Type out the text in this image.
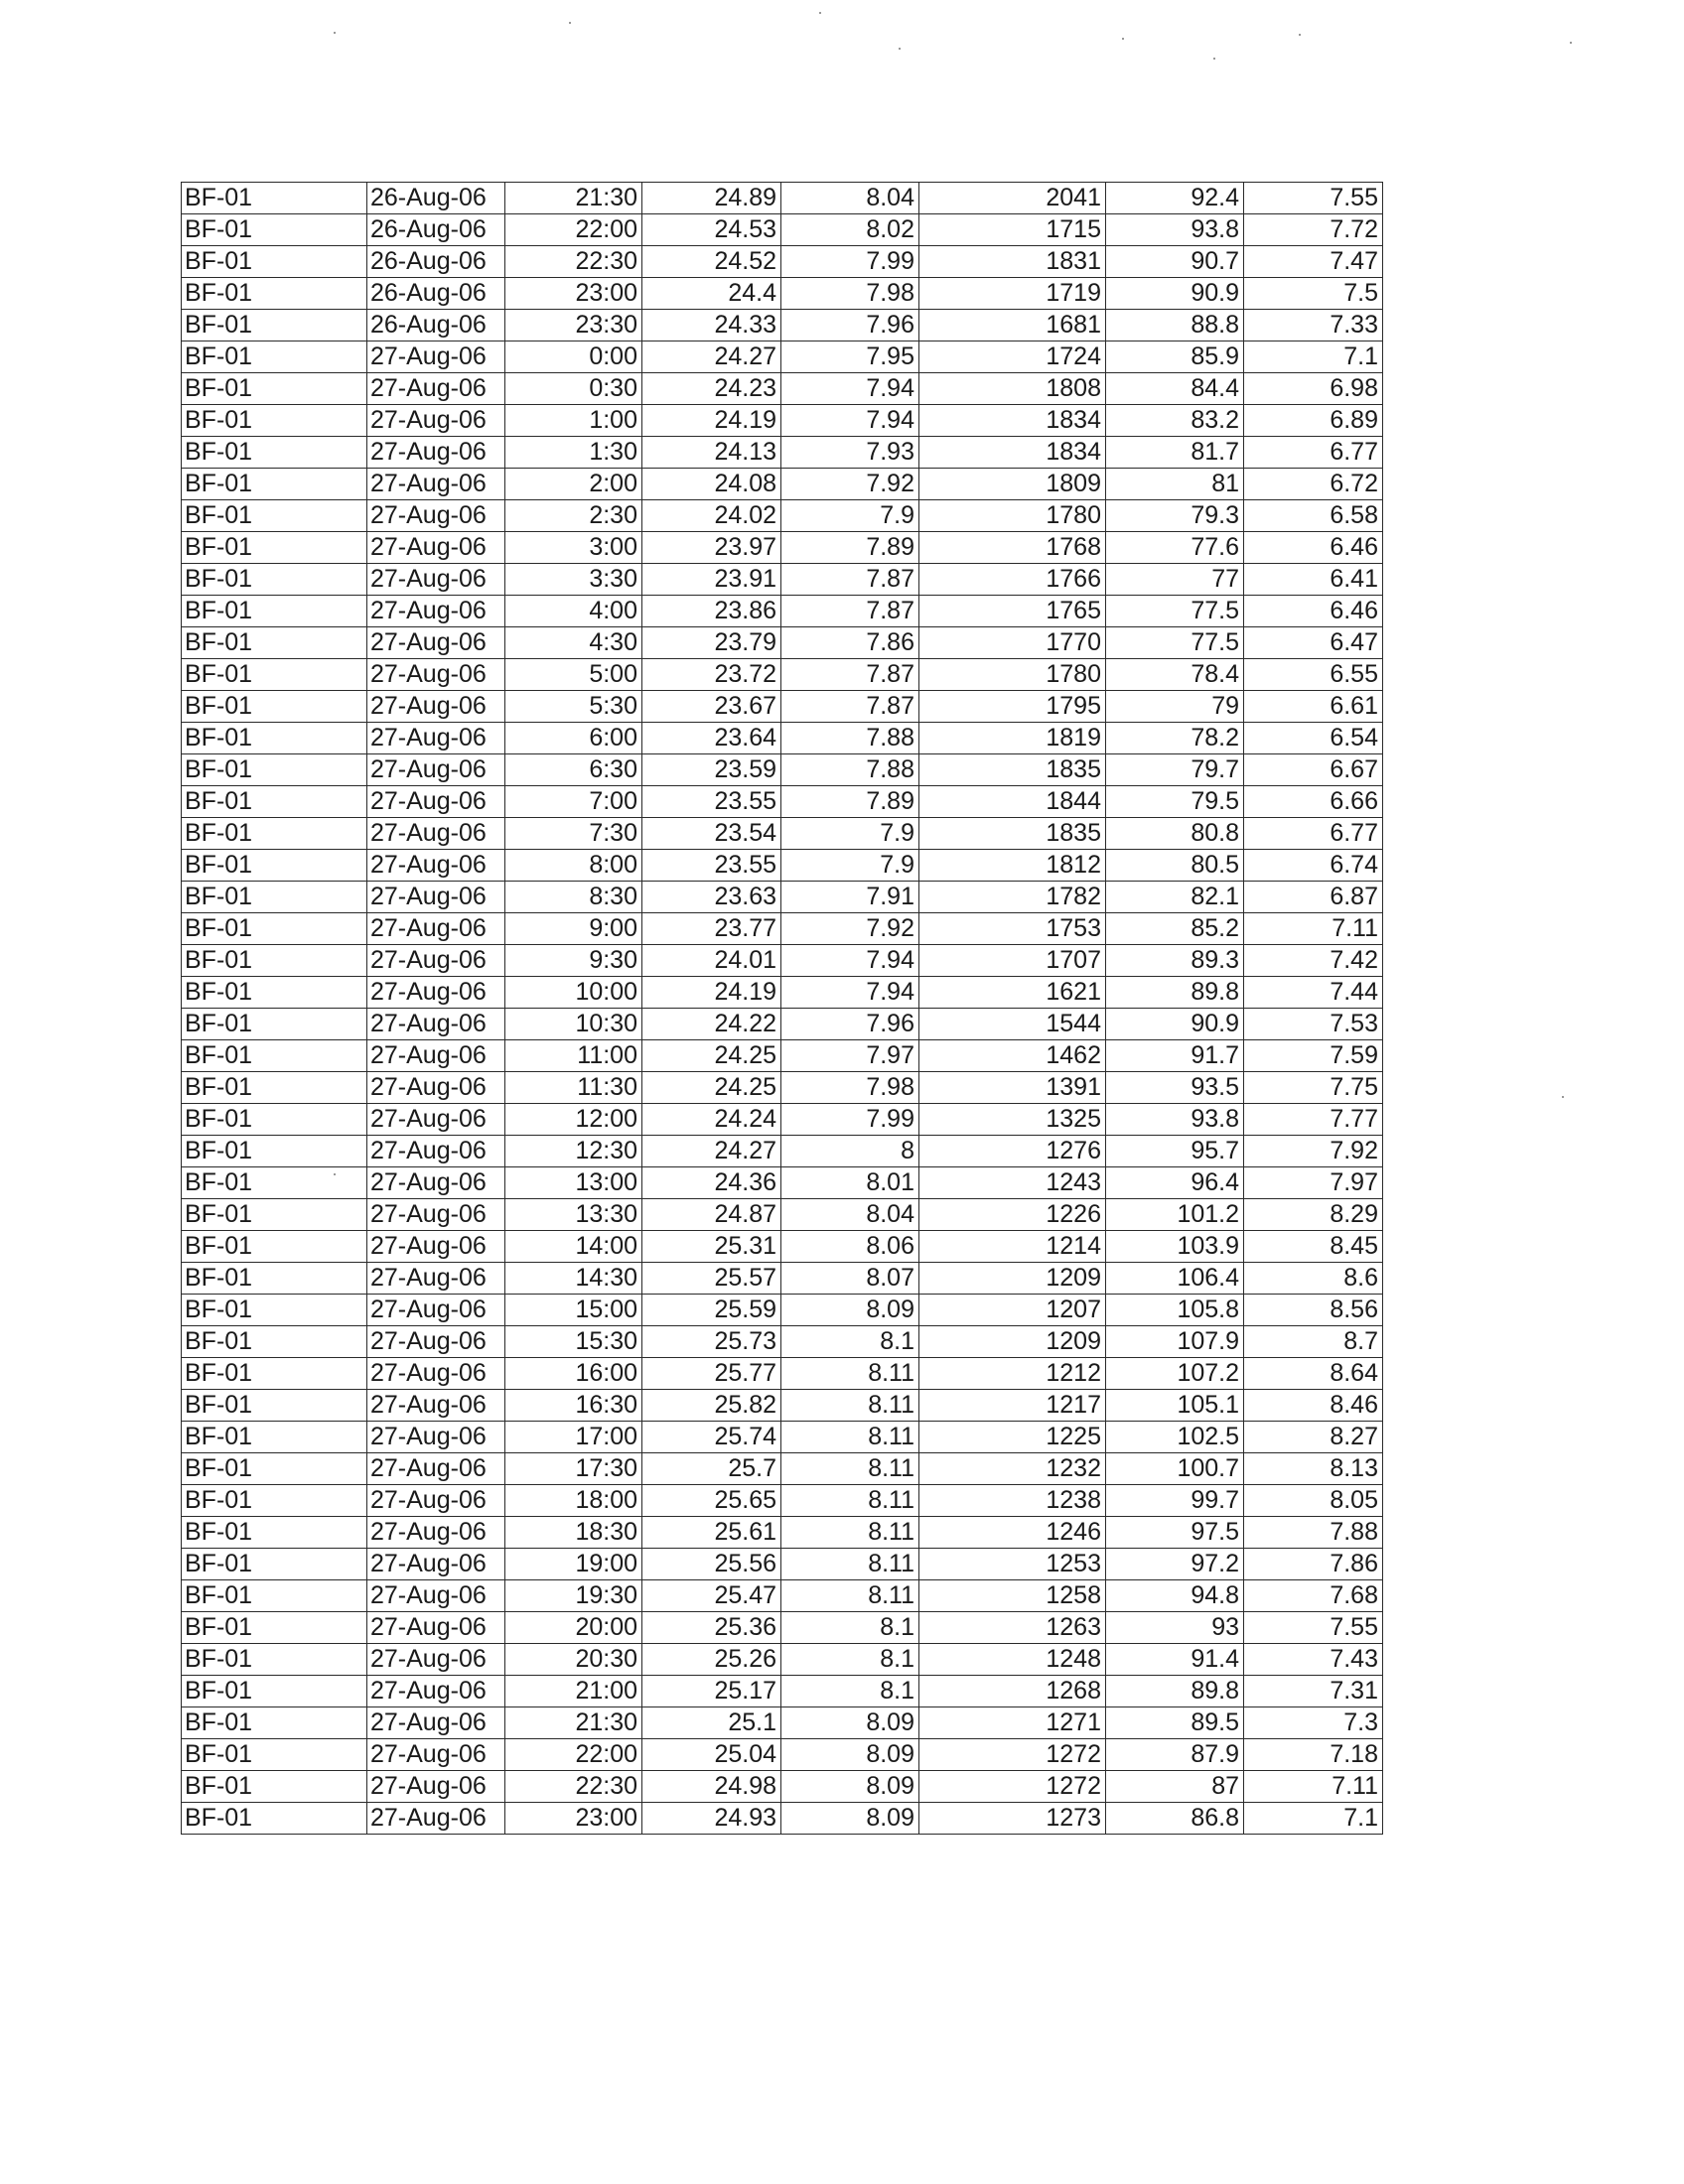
BF-01	26-Aug-06	21:30	24.89	8.04	2041	92.4	7.55
BF-01	26-Aug-06	22:00	24.53	8.02	1715	93.8	7.72
BF-01	26-Aug-06	22:30	24.52	7.99	1831	90.7	7.47
BF-01	26-Aug-06	23:00	24.4	7.98	1719	90.9	7.5
BF-01	26-Aug-06	23:30	24.33	7.96	1681	88.8	7.33
BF-01	27-Aug-06	0:00	24.27	7.95	1724	85.9	7.1
BF-01	27-Aug-06	0:30	24.23	7.94	1808	84.4	6.98
BF-01	27-Aug-06	1:00	24.19	7.94	1834	83.2	6.89
BF-01	27-Aug-06	1:30	24.13	7.93	1834	81.7	6.77
BF-01	27-Aug-06	2:00	24.08	7.92	1809	81	6.72
BF-01	27-Aug-06	2:30	24.02	7.9	1780	79.3	6.58
BF-01	27-Aug-06	3:00	23.97	7.89	1768	77.6	6.46
BF-01	27-Aug-06	3:30	23.91	7.87	1766	77	6.41
BF-01	27-Aug-06	4:00	23.86	7.87	1765	77.5	6.46
BF-01	27-Aug-06	4:30	23.79	7.86	1770	77.5	6.47
BF-01	27-Aug-06	5:00	23.72	7.87	1780	78.4	6.55
BF-01	27-Aug-06	5:30	23.67	7.87	1795	79	6.61
BF-01	27-Aug-06	6:00	23.64	7.88	1819	78.2	6.54
BF-01	27-Aug-06	6:30	23.59	7.88	1835	79.7	6.67
BF-01	27-Aug-06	7:00	23.55	7.89	1844	79.5	6.66
BF-01	27-Aug-06	7:30	23.54	7.9	1835	80.8	6.77
BF-01	27-Aug-06	8:00	23.55	7.9	1812	80.5	6.74
BF-01	27-Aug-06	8:30	23.63	7.91	1782	82.1	6.87
BF-01	27-Aug-06	9:00	23.77	7.92	1753	85.2	7.11
BF-01	27-Aug-06	9:30	24.01	7.94	1707	89.3	7.42
BF-01	27-Aug-06	10:00	24.19	7.94	1621	89.8	7.44
BF-01	27-Aug-06	10:30	24.22	7.96	1544	90.9	7.53
BF-01	27-Aug-06	11:00	24.25	7.97	1462	91.7	7.59
BF-01	27-Aug-06	11:30	24.25	7.98	1391	93.5	7.75
BF-01	27-Aug-06	12:00	24.24	7.99	1325	93.8	7.77
BF-01	27-Aug-06	12:30	24.27	8	1276	95.7	7.92
BF-01	27-Aug-06	13:00	24.36	8.01	1243	96.4	7.97
BF-01	27-Aug-06	13:30	24.87	8.04	1226	101.2	8.29
BF-01	27-Aug-06	14:00	25.31	8.06	1214	103.9	8.45
BF-01	27-Aug-06	14:30	25.57	8.07	1209	106.4	8.6
BF-01	27-Aug-06	15:00	25.59	8.09	1207	105.8	8.56
BF-01	27-Aug-06	15:30	25.73	8.1	1209	107.9	8.7
BF-01	27-Aug-06	16:00	25.77	8.11	1212	107.2	8.64
BF-01	27-Aug-06	16:30	25.82	8.11	1217	105.1	8.46
BF-01	27-Aug-06	17:00	25.74	8.11	1225	102.5	8.27
BF-01	27-Aug-06	17:30	25.7	8.11	1232	100.7	8.13
BF-01	27-Aug-06	18:00	25.65	8.11	1238	99.7	8.05
BF-01	27-Aug-06	18:30	25.61	8.11	1246	97.5	7.88
BF-01	27-Aug-06	19:00	25.56	8.11	1253	97.2	7.86
BF-01	27-Aug-06	19:30	25.47	8.11	1258	94.8	7.68
BF-01	27-Aug-06	20:00	25.36	8.1	1263	93	7.55
BF-01	27-Aug-06	20:30	25.26	8.1	1248	91.4	7.43
BF-01	27-Aug-06	21:00	25.17	8.1	1268	89.8	7.31
BF-01	27-Aug-06	21:30	25.1	8.09	1271	89.5	7.3
BF-01	27-Aug-06	22:00	25.04	8.09	1272	87.9	7.18
BF-01	27-Aug-06	22:30	24.98	8.09	1272	87	7.11
BF-01	27-Aug-06	23:00	24.93	8.09	1273	86.8	7.1
